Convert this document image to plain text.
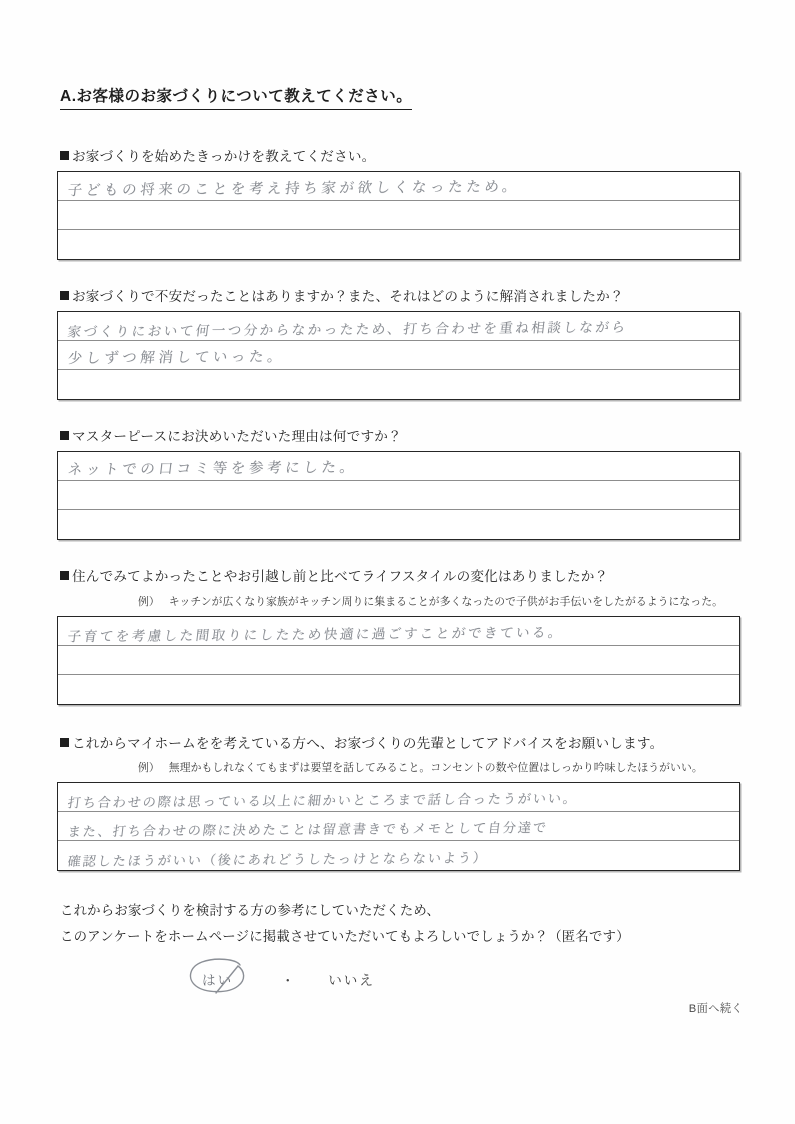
A.お客様のお家づくりについて教えてください。
お家づくりを始めたきっかけを教えてください。
子どもの将来のことを考え持ち家が欲しくなったため。
お家づくりで不安だったことはありますか？また、それはどのように解消されましたか？
家づくりにおいて何一つ分からなかったため、打ち合わせを重ね相談しながら
少しずつ解消していった。
マスターピースにお決めいただいた理由は何ですか？
ネットでの口コミ等を参考にした。
住んでみてよかったことやお引越し前と比べてライフスタイルの変化はありましたか？
例） キッチンが広くなり家族がキッチン周りに集まることが多くなったので子供がお手伝いをしたがるようになった。
子育てを考慮した間取りにしたため快適に過ごすことができている。
これからマイホームをを考えている方へ、お家づくりの先輩としてアドバイスをお願いします。
例） 無理かもしれなくてもまずは要望を話してみること。コンセントの数や位置はしっかり吟味したほうがいい。
打ち合わせの際は思っている以上に細かいところまで話し合ったうがいい。
また、打ち合わせの際に決めたことは留意書きでもメモとして自分達で
確認したほうがいい（後にあれどうしたっけとならないよう）
これからお家づくりを検討する方の参考にしていただくため、
このアンケートをホームページに掲載させていただいてもよろしいでしょうか？（匿名です）
はい	・	いいえ
B面へ続く
